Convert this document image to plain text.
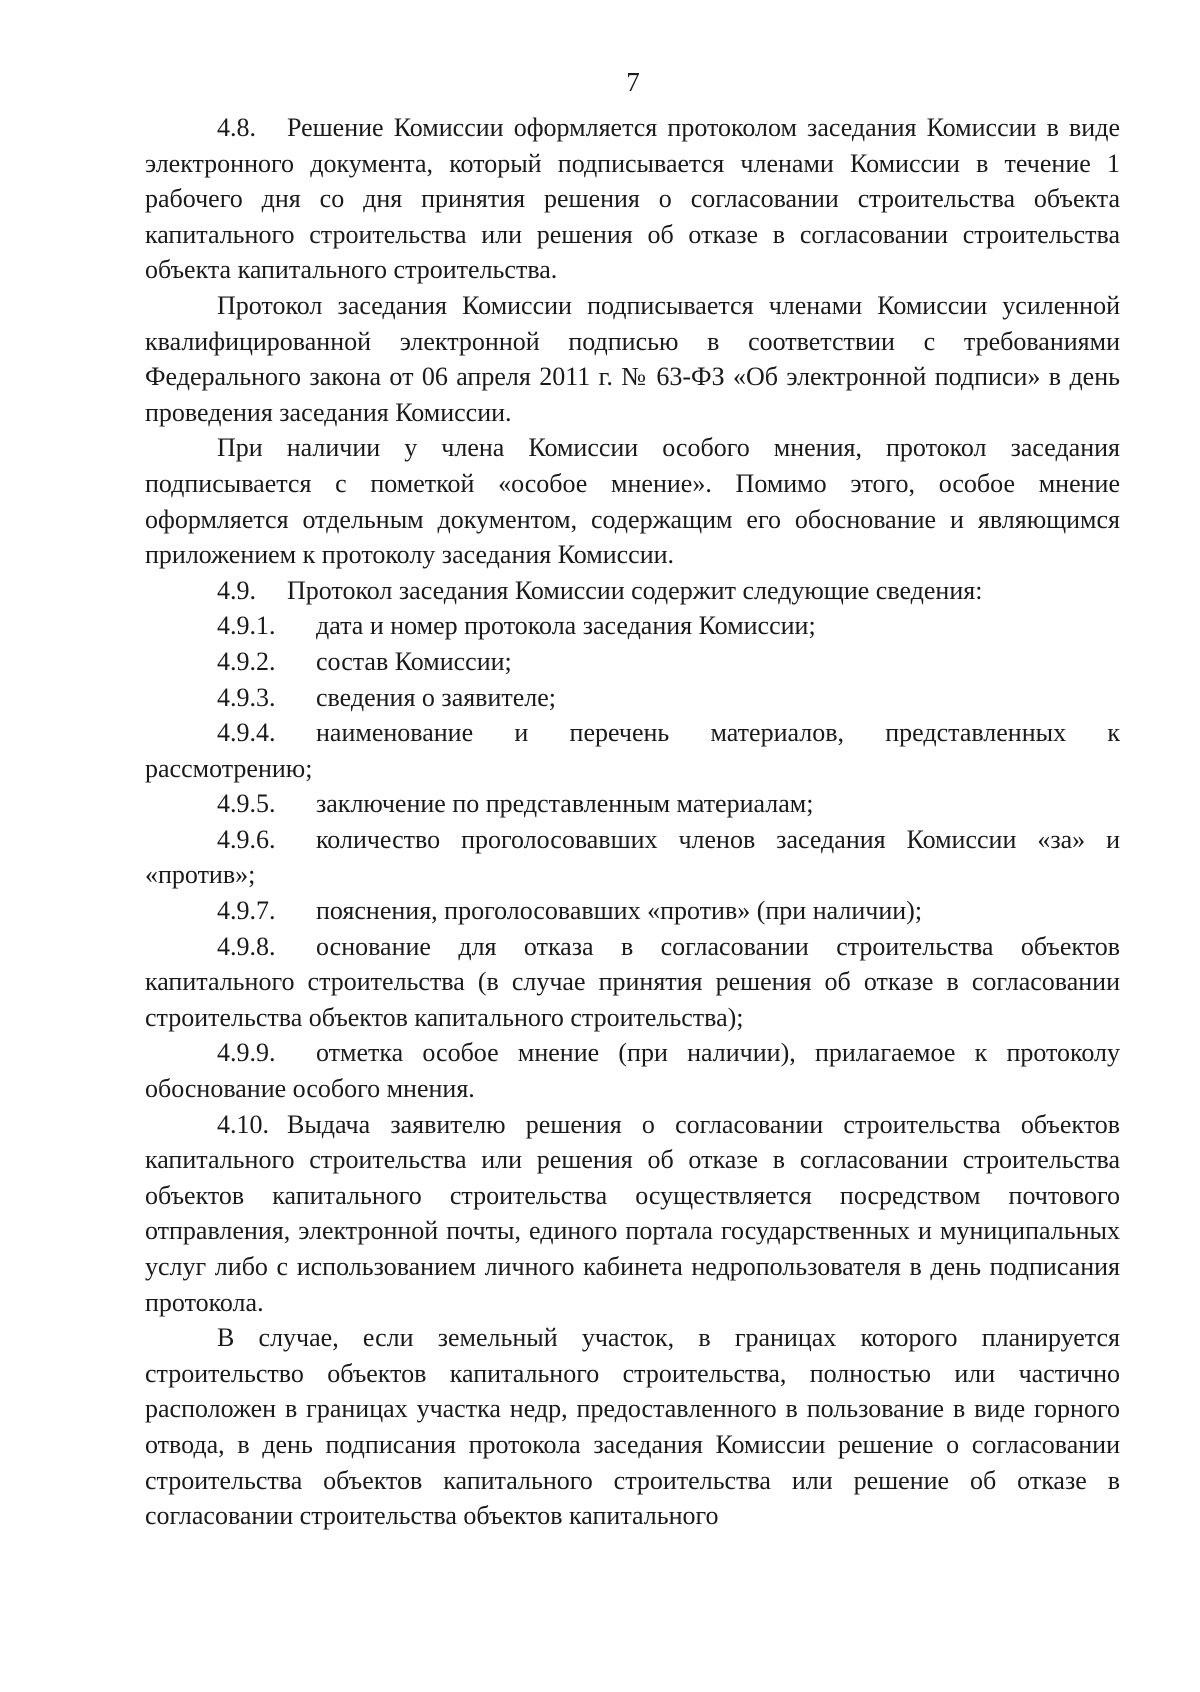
7

4.8. Решение Комиссии оформляется протоколом заседания Комиссии в виде электронного документа, который подписывается членами Комиссии в течение 1 рабочего дня со дня принятия решения о согласовании строительства объекта капитального строительства или решения об отказе в согласовании строительства объекта капитального строительства.

Протокол заседания Комиссии подписывается членами Комиссии усиленной квалифицированной электронной подписью в соответствии с требованиями Федерального закона от 06 апреля 2011 г. № 63-ФЗ «Об электронной подписи» в день проведения заседания Комиссии.

При наличии у члена Комиссии особого мнения, протокол заседания подписывается с пометкой «особое мнение». Помимо этого, особое мнение оформляется отдельным документом, содержащим его обоснование и являющимся приложением к протоколу заседания Комиссии.

4.9. Протокол заседания Комиссии содержит следующие сведения:

4.9.1. дата и номер протокола заседания Комиссии;

4.9.2. состав Комиссии;

4.9.3. сведения о заявителе;

4.9.4. наименование и перечень материалов, представленных к рассмотрению;

4.9.5. заключение по представленным материалам;

4.9.6. количество проголосовавших членов заседания Комиссии «за» и «против»;

4.9.7. пояснения, проголосовавших «против» (при наличии);

4.9.8. основание для отказа в согласовании строительства объектов капитального строительства (в случае принятия решения об отказе в согласовании строительства объектов капитального строительства);

4.9.9. отметка особое мнение (при наличии), прилагаемое к протоколу обоснование особого мнения.

4.10. Выдача заявителю решения о согласовании строительства объектов капитального строительства или решения об отказе в согласовании строительства объектов капитального строительства осуществляется посредством почтового отправления, электронной почты, единого портала государственных и муниципальных услуг либо с использованием личного кабинета недропользователя в день подписания протокола.

В случае, если земельный участок, в границах которого планируется строительство объектов капитального строительства, полностью или частично расположен в границах участка недр, предоставленного в пользование в виде горного отвода, в день подписания протокола заседания Комиссии решение о согласовании строительства объектов капитального строительства или решение об отказе в согласовании строительства объектов капитального
